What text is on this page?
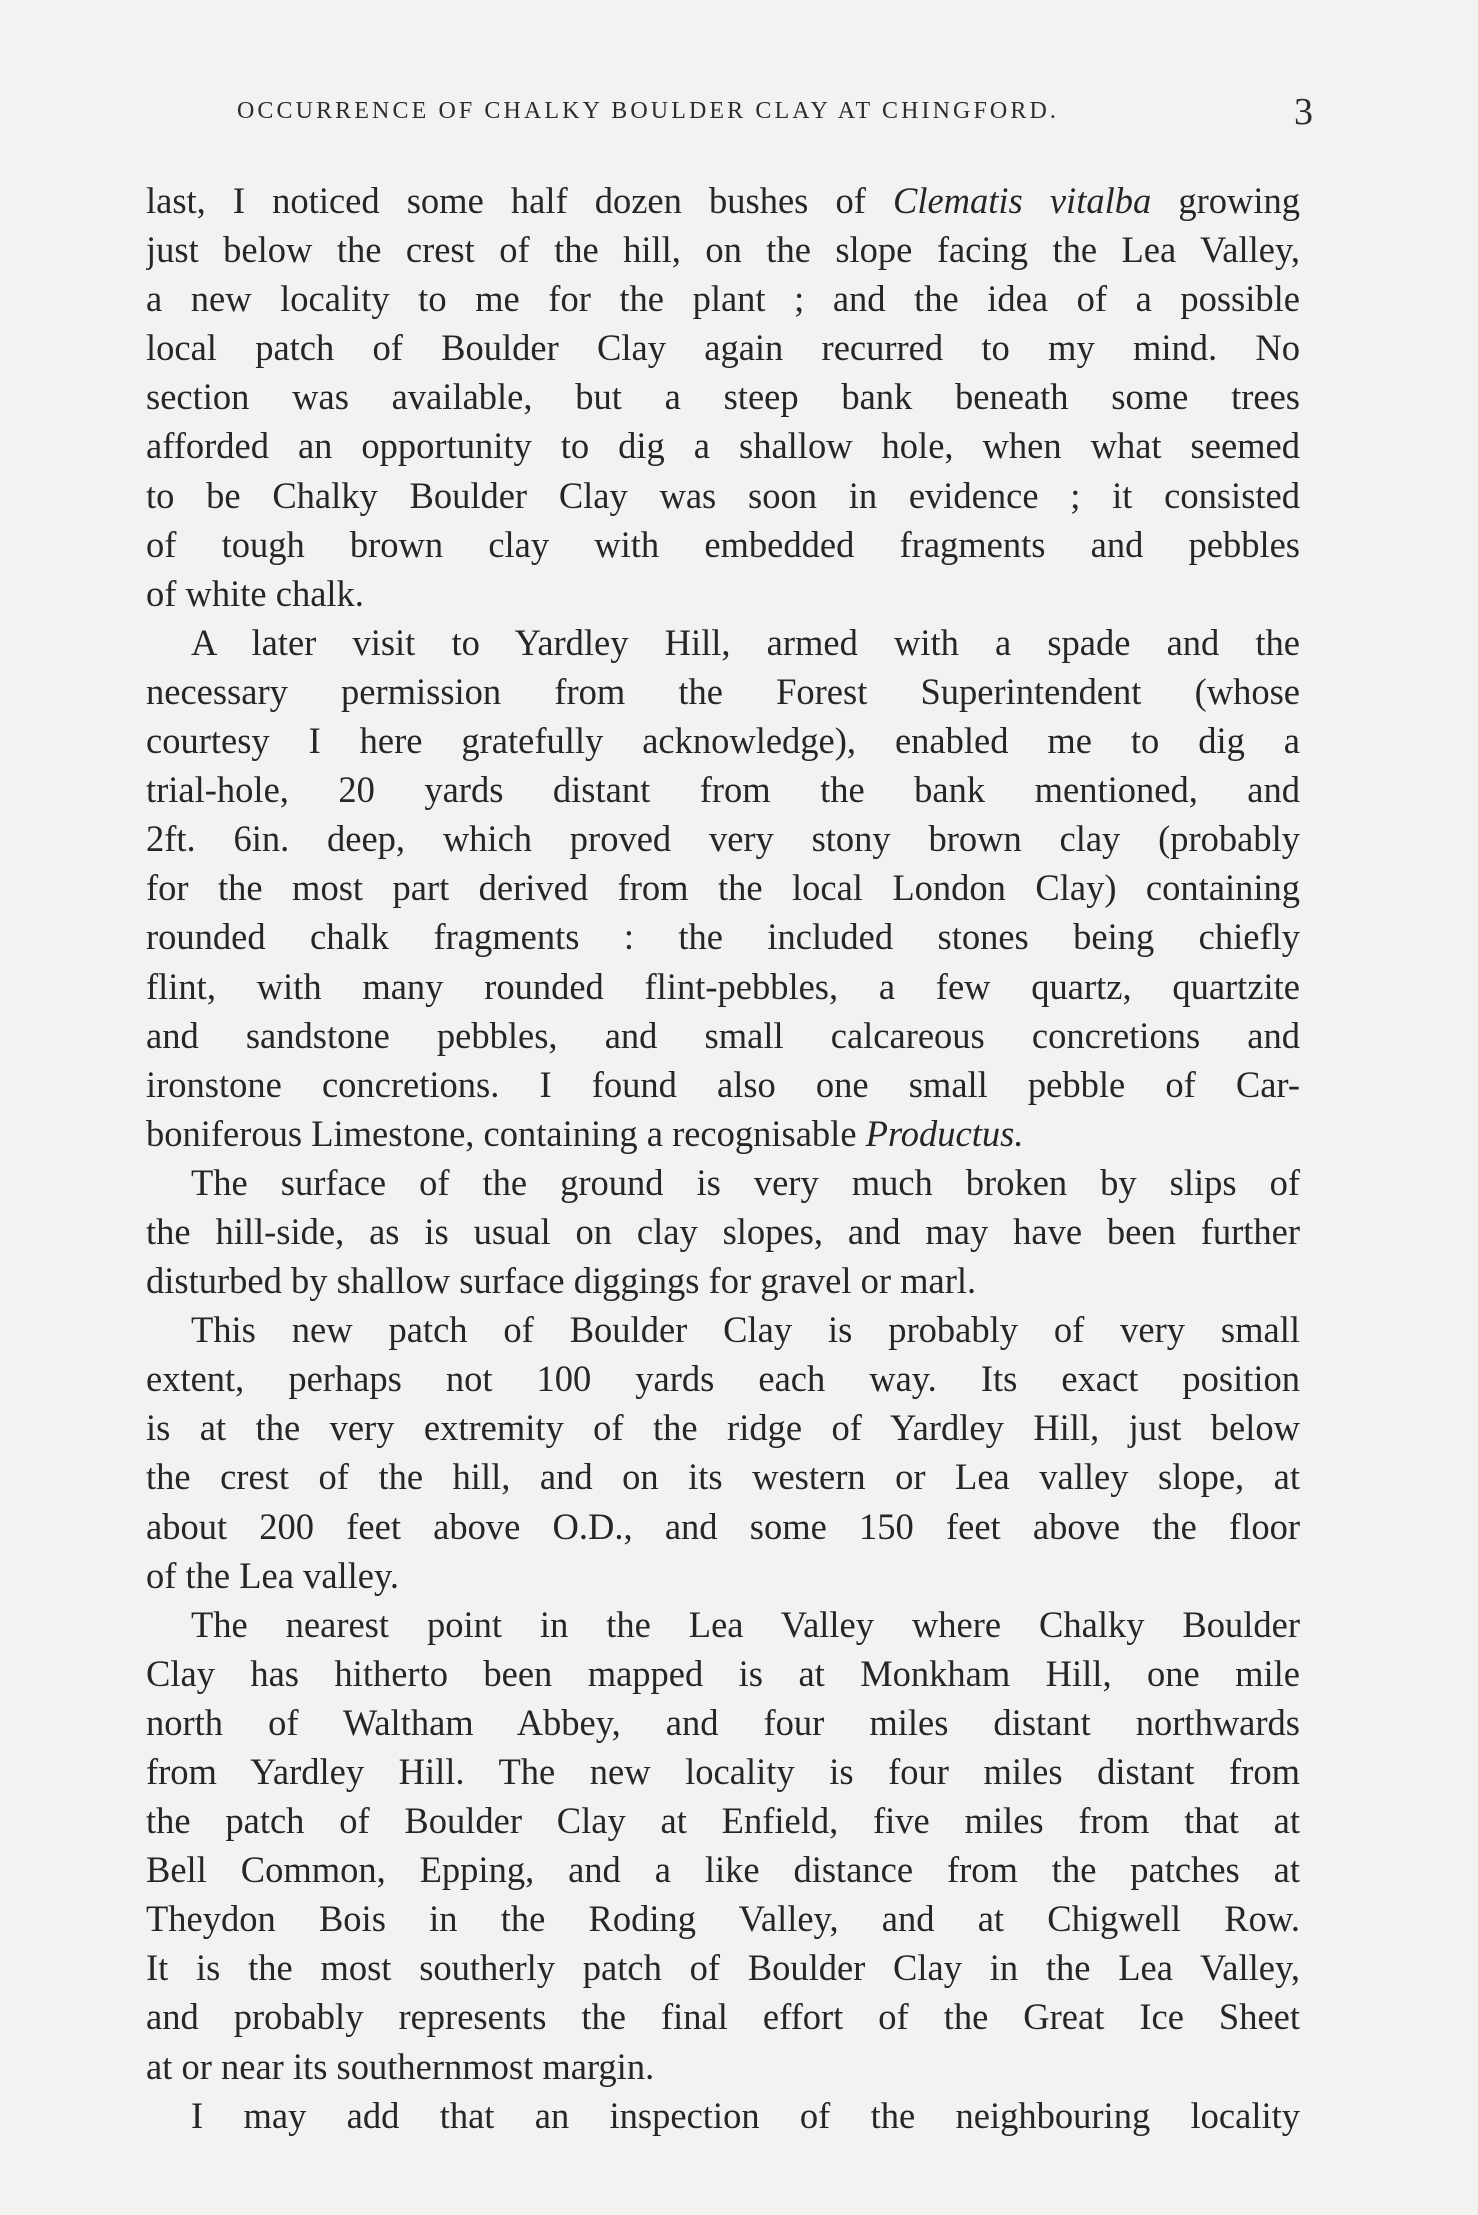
OCCURRENCE OF CHALKY BOULDER CLAY AT CHINGFORD.	3
last, I noticed some half dozen bushes of Clematis vitalba growing
just below the crest of the hill, on the slope facing the Lea Valley,
a new locality to me for the plant ; and the idea of a possible
local patch of Boulder Clay again recurred to my mind. No
section was available, but a steep bank beneath some trees
afforded an opportunity to dig a shallow hole, when what seemed
to be Chalky Boulder Clay was soon in evidence ; it consisted
of tough brown clay with embedded fragments and pebbles
of white chalk.
A later visit to Yardley Hill, armed with a spade and the
necessary permission from the Forest Superintendent (whose
courtesy I here gratefully acknowledge), enabled me to dig a
trial-hole, 20 yards distant from the bank mentioned, and
2ft. 6in. deep, which proved very stony brown clay (probably
for the most part derived from the local London Clay) containing
rounded chalk fragments : the included stones being chiefly
flint, with many rounded flint-pebbles, a few quartz, quartzite
and sandstone pebbles, and small calcareous concretions and
ironstone concretions. I found also one small pebble of Car-
boniferous Limestone, containing a recognisable Productus.
The surface of the ground is very much broken by slips of
the hill-side, as is usual on clay slopes, and may have been further
disturbed by shallow surface diggings for gravel or marl.
This new patch of Boulder Clay is probably of very small
extent, perhaps not 100 yards each way. Its exact position
is at the very extremity of the ridge of Yardley Hill, just below
the crest of the hill, and on its western or Lea valley slope, at
about 200 feet above O.D., and some 150 feet above the floor
of the Lea valley.
The nearest point in the Lea Valley where Chalky Boulder
Clay has hitherto been mapped is at Monkham Hill, one mile
north of Waltham Abbey, and four miles distant northwards
from Yardley Hill. The new locality is four miles distant from
the patch of Boulder Clay at Enfield, five miles from that at
Bell Common, Epping, and a like distance from the patches at
Theydon Bois in the Roding Valley, and at Chigwell Row.
It is the most southerly patch of Boulder Clay in the Lea Valley,
and probably represents the final effort of the Great Ice Sheet
at or near its southernmost margin.
I may add that an inspection of the neighbouring locality
